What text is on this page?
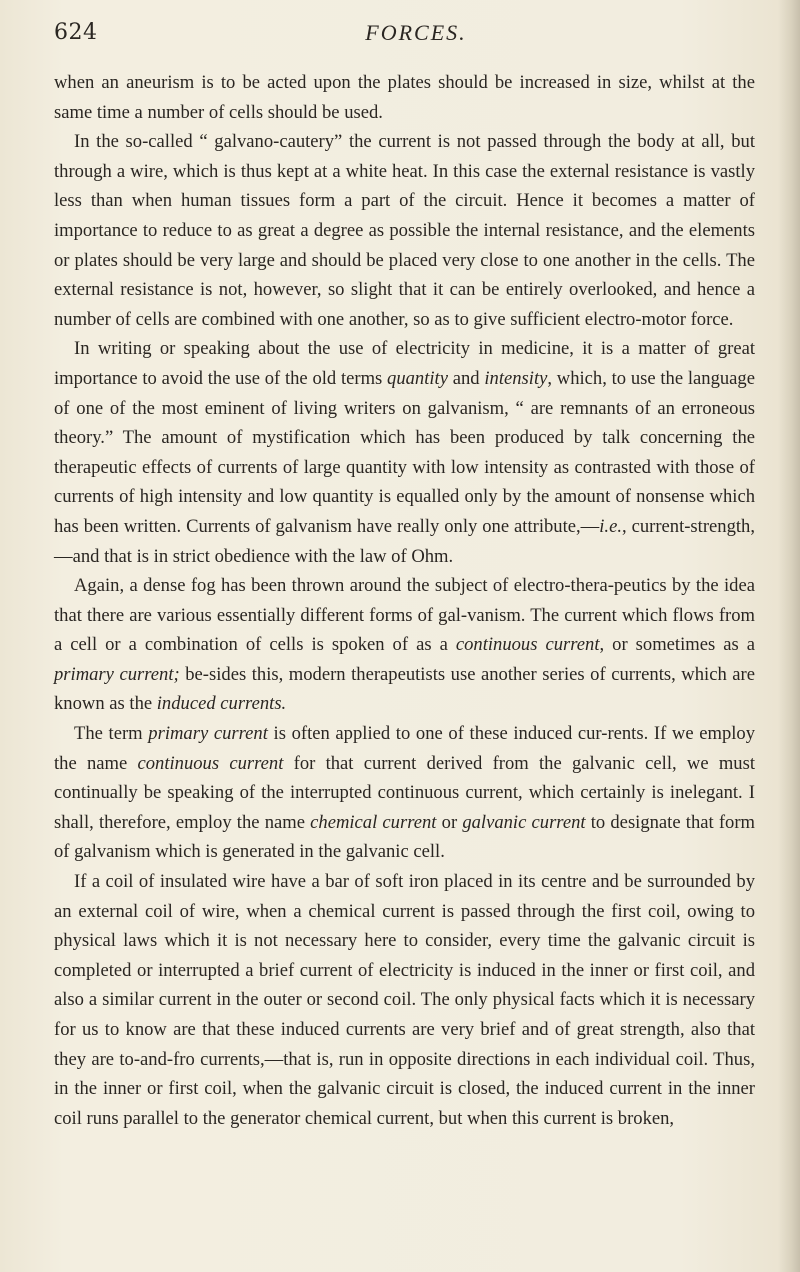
624	FORCES.

when an aneurism is to be acted upon the plates should be increased in size, whilst at the same time a number of cells should be used.

In the so-called “ galvano-cautery” the current is not passed through the body at all, but through a wire, which is thus kept at a white heat. In this case the external resistance is vastly less than when human tissues form a part of the circuit. Hence it becomes a matter of importance to reduce to as great a degree as possible the internal resistance, and the elements or plates should be very large and should be placed very close to one another in the cells. The external resistance is not, however, so slight that it can be entirely overlooked, and hence a number of cells are combined with one another, so as to give sufficient electro-motor force.

In writing or speaking about the use of electricity in medicine, it is a matter of great importance to avoid the use of the old terms quantity and intensity, which, to use the language of one of the most eminent of living writers on galvanism, “ are remnants of an erroneous theory.” The amount of mystification which has been produced by talk concerning the therapeutic effects of currents of large quantity with low intensity as contrasted with those of currents of high intensity and low quantity is equalled only by the amount of nonsense which has been written. Currents of galvanism have really only one attribute,—i.e., current-strength,—and that is in strict obedience with the law of Ohm.

Again, a dense fog has been thrown around the subject of electro-thera-peutics by the idea that there are various essentially different forms of gal-vanism. The current which flows from a cell or a combination of cells is spoken of as a continuous current, or sometimes as a primary current; be-sides this, modern therapeutists use another series of currents, which are known as the induced currents.

The term primary current is often applied to one of these induced cur-rents. If we employ the name continuous current for that current derived from the galvanic cell, we must continually be speaking of the interrupted continuous current, which certainly is inelegant. I shall, therefore, employ the name chemical current or galvanic current to designate that form of galvanism which is generated in the galvanic cell.

If a coil of insulated wire have a bar of soft iron placed in its centre and be surrounded by an external coil of wire, when a chemical current is passed through the first coil, owing to physical laws which it is not necessary here to consider, every time the galvanic circuit is completed or interrupted a brief current of electricity is induced in the inner or first coil, and also a similar current in the outer or second coil. The only physical facts which it is necessary for us to know are that these induced currents are very brief and of great strength, also that they are to-and-fro currents,—that is, run in opposite directions in each individual coil. Thus, in the inner or first coil, when the galvanic circuit is closed, the induced current in the inner coil runs parallel to the generator chemical current, but when this current is broken,
